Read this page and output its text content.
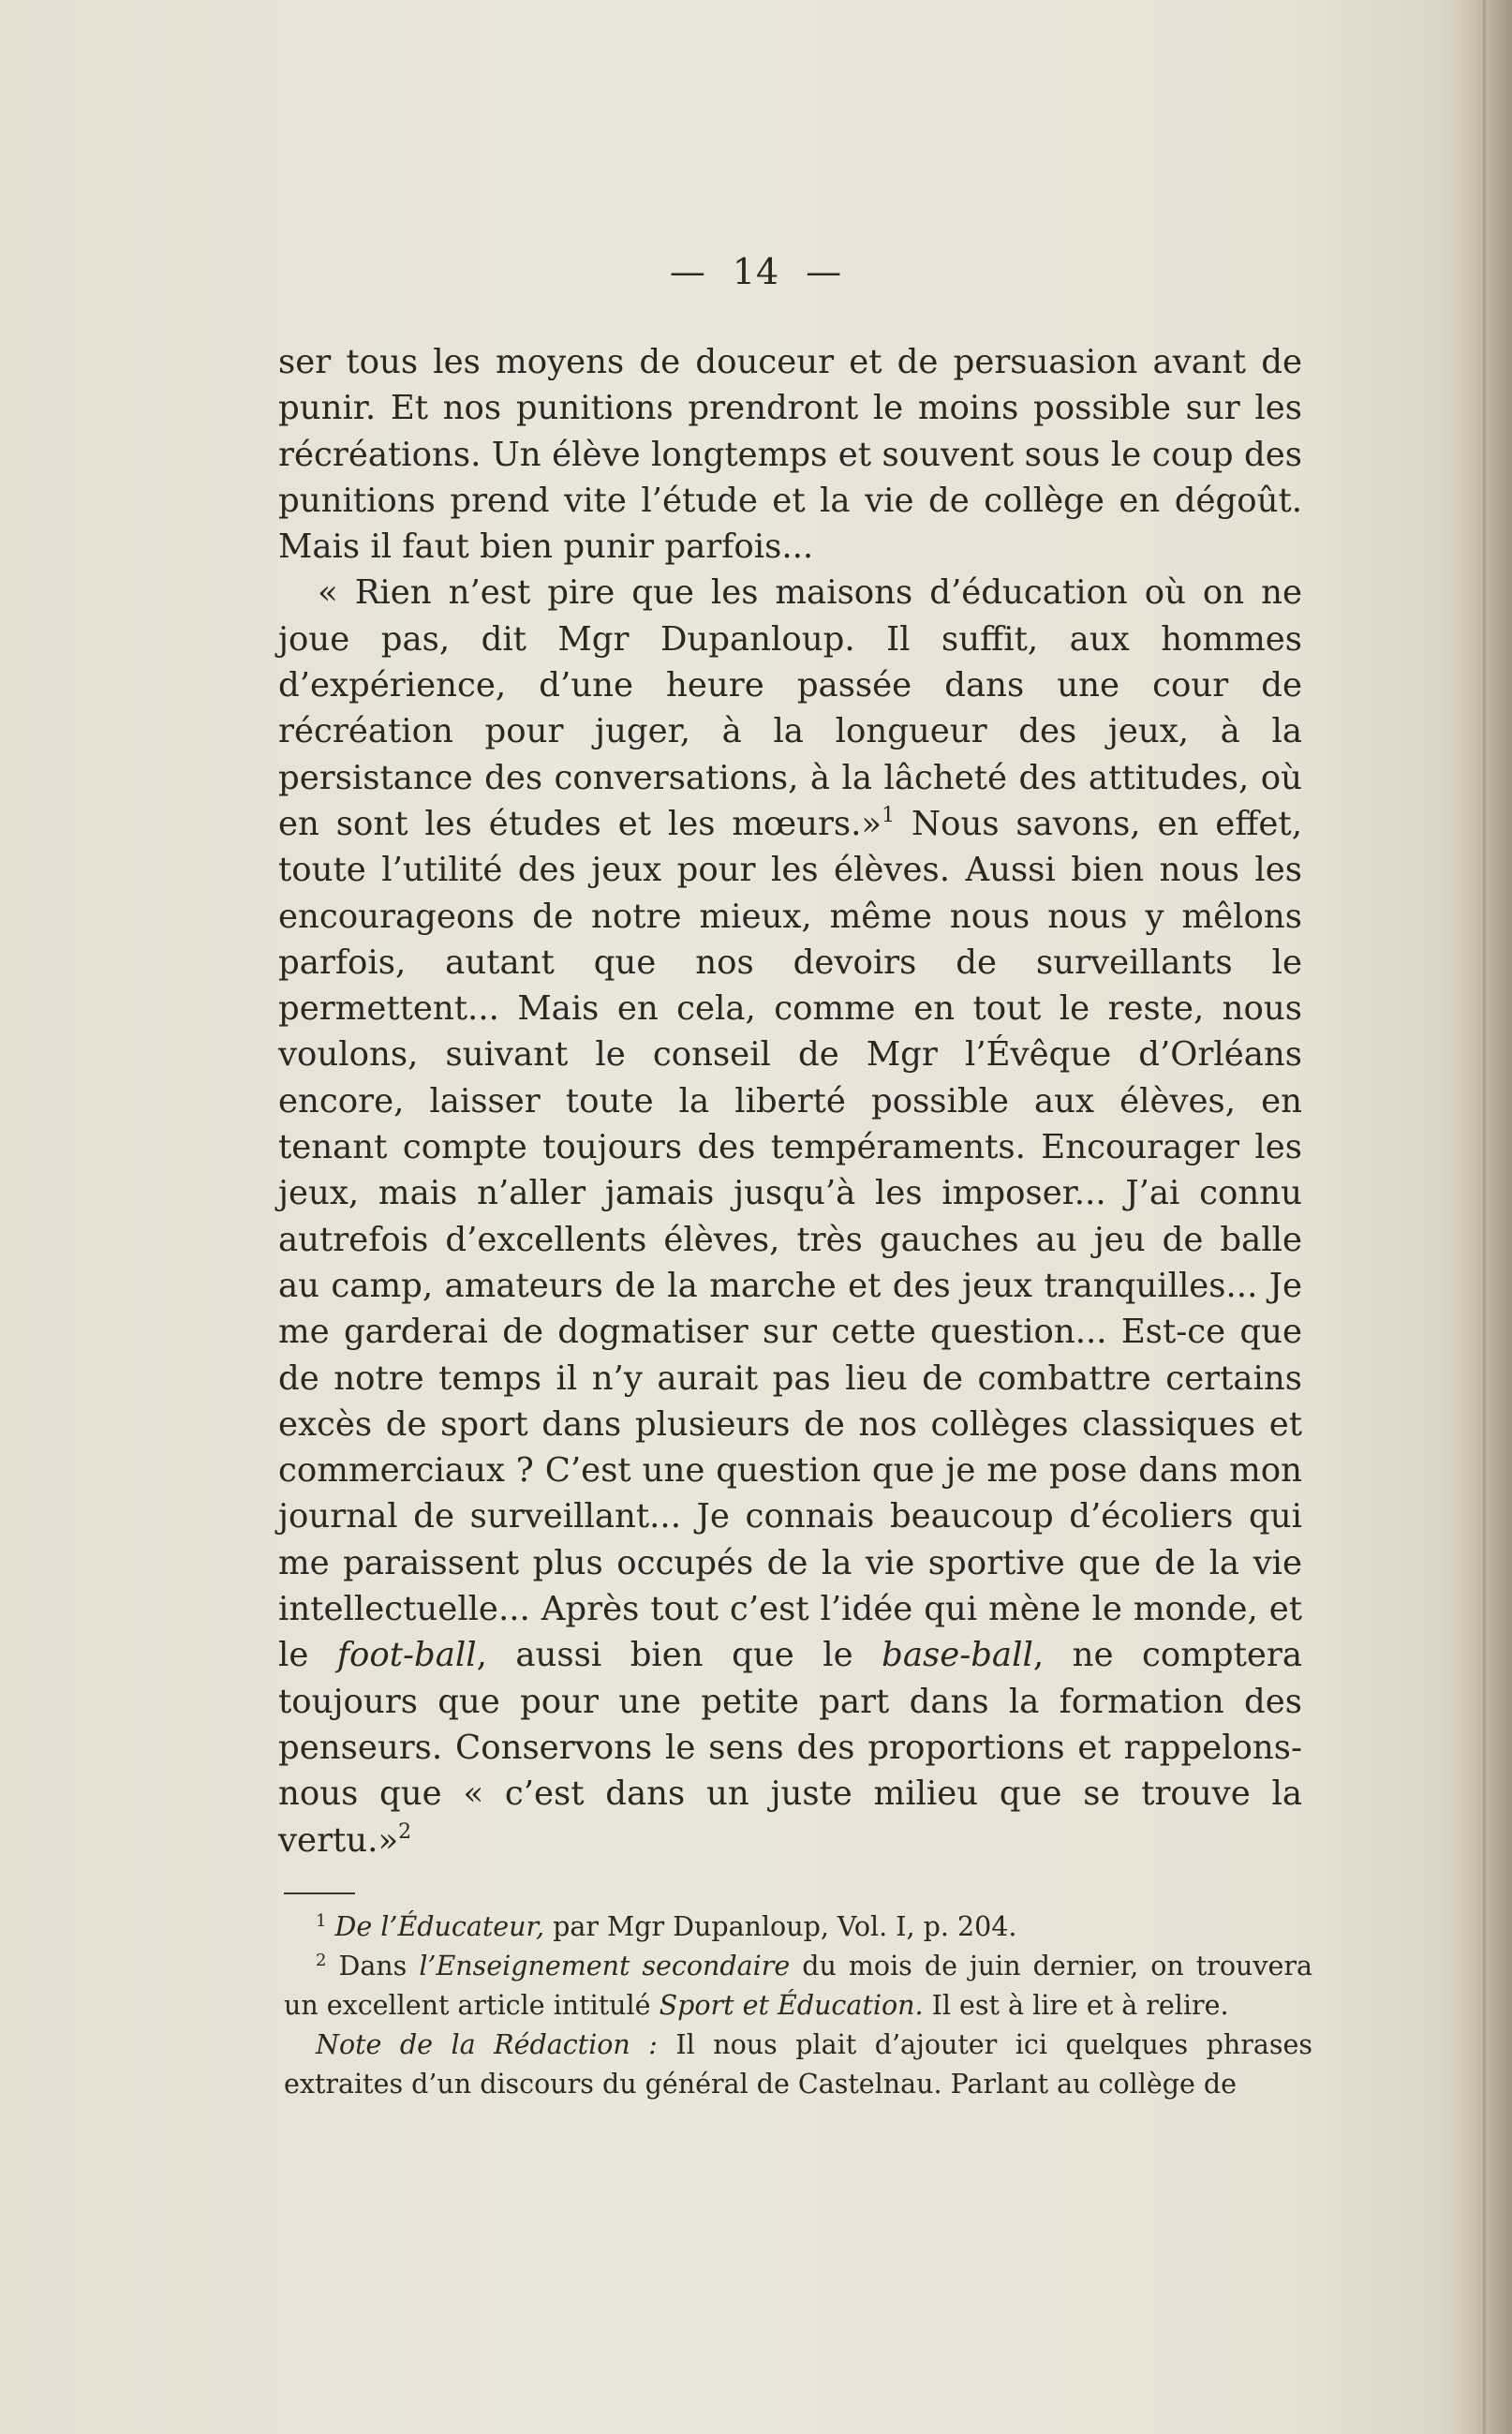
— 14 —

ser tous les moyens de douceur et de persuasion avant de punir. Et nos punitions prendront le moins possible sur les récréations. Un élève longtemps et souvent sous le coup des punitions prend vite l’étude et la vie de collège en dégoût. Mais il faut bien punir parfois...

« Rien n’est pire que les maisons d’éducation où on ne joue pas, dit Mgr Dupanloup. Il suffit, aux hommes d’expérience, d’une heure passée dans une cour de récréation pour juger, à la longueur des jeux, à la persistance des conversations, à la lâcheté des attitudes, où en sont les études et les mœurs.»$^1$ Nous savons, en effet, toute l’utilité des jeux pour les élèves. Aussi bien nous les encourageons de notre mieux, même nous nous y mêlons parfois, autant que nos devoirs de surveillants le permettent... Mais en cela, comme en tout le reste, nous voulons, suivant le conseil de Mgr l’Évêque d’Orléans encore, laisser toute la liberté possible aux élèves, en tenant compte toujours des tempéraments. Encourager les jeux, mais n’aller jamais jusqu’à les imposer... J’ai connu autrefois d’excellents élèves, très gauches au jeu de balle au camp, amateurs de la marche et des jeux tranquilles... Je me garderai de dogmatiser sur cette question... Est-ce que de notre temps il n’y aurait pas lieu de combattre certains excès de sport dans plusieurs de nos collèges classiques et commerciaux ? C’est une question que je me pose dans mon journal de surveillant... Je connais beaucoup d’écoliers qui me paraissent plus occupés de la vie sportive que de la vie intellectuelle... Après tout c’est l’idée qui mène le monde, et le foot-ball, aussi bien que le base-ball, ne comptera toujours que pour une petite part dans la formation des penseurs. Conservons le sens des proportions et rappelons-nous que « c’est dans un juste milieu que se trouve la vertu.»$^2$

$^1$ De l’Éducateur, par Mgr Dupanloup, Vol. I, p. 204.

$^2$ Dans l’Enseignement secondaire du mois de juin dernier, on trouvera un excellent article intitulé Sport et Éducation. Il est à lire et à relire.

Note de la Rédaction : Il nous plait d’ajouter ici quelques phrases extraites d’un discours du général de Castelnau. Parlant au collège de
